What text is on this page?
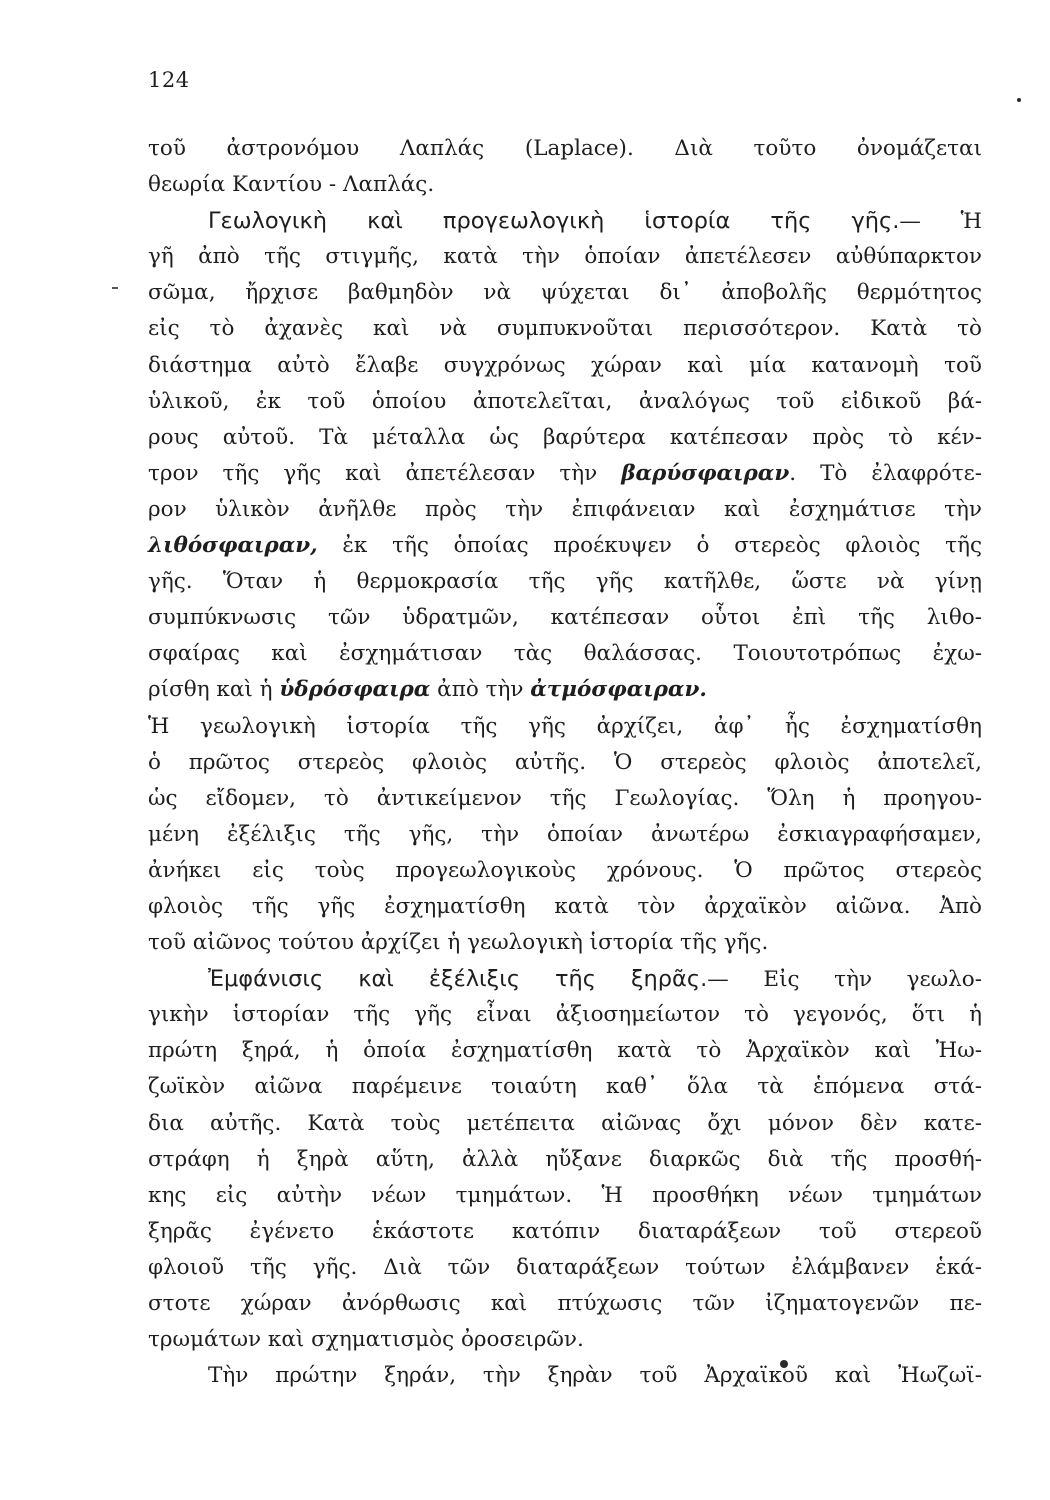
124
τοῦ ἀστρονόμου Λαπλάς (Laplace). Διὰ τοῦτο ὀνομάζεται
θεωρία Καντίου - Λαπλάς.
Γεωλογικὴ καὶ προγεωλογικὴ ἱστορία τῆς γῆς.— Ἡ
γῆ ἀπὸ τῆς στιγμῆς, κατὰ τὴν ὁποίαν ἀπετέλεσεν αὐθύπαρκτον
σῶμα, ἤρχισε βαθμηδὸν νὰ ψύχεται δι᾽ ἀποβολῆς θερμότητος
εἰς τὸ ἀχανὲς καὶ νὰ συμπυκνοῦται περισσότερον. Κατὰ τὸ
διάστημα αὐτὸ ἔλαβε συγχρόνως χώραν καὶ μία κατανομὴ τοῦ
ὑλικοῦ, ἐκ τοῦ ὁποίου ἀποτελεῖται, ἀναλόγως τοῦ εἰδικοῦ βά-
ρους αὐτοῦ. Τὰ μέταλλα ὡς βαρύτερα κατέπεσαν πρὸς τὸ κέν-
τρον τῆς γῆς καὶ ἀπετέλεσαν τὴν βαρύσφαιραν. Τὸ ἐλαφρότε-
ρον ὑλικὸν ἀνῆλθε πρὸς τὴν ἐπιφάνειαν καὶ ἐσχημάτισε τὴν
λιθόσφαιραν, ἐκ τῆς ὁποίας προέκυψεν ὁ στερεὸς φλοιὸς τῆς
γῆς. Ὅταν ἡ θερμοκρασία τῆς γῆς κατῆλθε, ὥστε νὰ γίνῃ
συμπύκνωσις τῶν ὑδρατμῶν, κατέπεσαν οὗτοι ἐπὶ τῆς λιθο-
σφαίρας καὶ ἐσχημάτισαν τὰς θαλάσσας. Τοιουτοτρόπως ἐχω-
ρίσθη καὶ ἡ ὑδρόσφαιρα ἀπὸ τὴν ἀτμόσφαιραν.
Ἡ γεωλογικὴ ἱστορία τῆς γῆς ἀρχίζει, ἀφ᾽ ἧς ἐσχηματίσθη
ὁ πρῶτος στερεὸς φλοιὸς αὐτῆς. Ὁ στερεὸς φλοιὸς ἀποτελεῖ,
ὡς εἴδομεν, τὸ ἀντικείμενον τῆς Γεωλογίας. Ὅλη ἡ προηγου-
μένη ἐξέλιξις τῆς γῆς, τὴν ὁποίαν ἀνωτέρω ἐσκιαγραφήσαμεν,
ἀνήκει εἰς τοὺς προγεωλογικοὺς χρόνους. Ὁ πρῶτος στερεὸς
φλοιὸς τῆς γῆς ἐσχηματίσθη κατὰ τὸν ἀρχαϊκὸν αἰῶνα. Ἀπὸ
τοῦ αἰῶνος τούτου ἀρχίζει ἡ γεωλογικὴ ἱστορία τῆς γῆς.
Ἐμφάνισις καὶ ἐξέλιξις τῆς ξηρᾶς.— Εἰς τὴν γεωλο-
γικὴν ἱστορίαν τῆς γῆς εἶναι ἀξιοσημείωτον τὸ γεγονός, ὅτι ἡ
πρώτη ξηρά, ἡ ὁποία ἐσχηματίσθη κατὰ τὸ Ἀρχαϊκὸν καὶ Ἠω-
ζωϊκὸν αἰῶνα παρέμεινε τοιαύτη καθ᾽ ὅλα τὰ ἑπόμενα στά-
δια αὐτῆς. Κατὰ τοὺς μετέπειτα αἰῶνας ὄχι μόνον δὲν κατε-
στράφη ἡ ξηρὰ αὕτη, ἀλλὰ ηὔξανε διαρκῶς διὰ τῆς προσθή-
κης εἰς αὐτὴν νέων τμημάτων. Ἡ προσθήκη νέων τμημάτων
ξηρᾶς ἐγένετο ἑκάστοτε κατόπιν διαταράξεων τοῦ στερεοῦ
φλοιοῦ τῆς γῆς. Διὰ τῶν διαταράξεων τούτων ἐλάμβανεν ἑκά-
στοτε χώραν ἀνόρθωσις καὶ πτύχωσις τῶν ἰζηματογενῶν πε-
τρωμάτων καὶ σχηματισμὸς ὀροσειρῶν.
Τὴν πρώτην ξηράν, τὴν ξηρὰν τοῦ Ἀρχαϊκοῦ καὶ Ἠωζωϊ-
